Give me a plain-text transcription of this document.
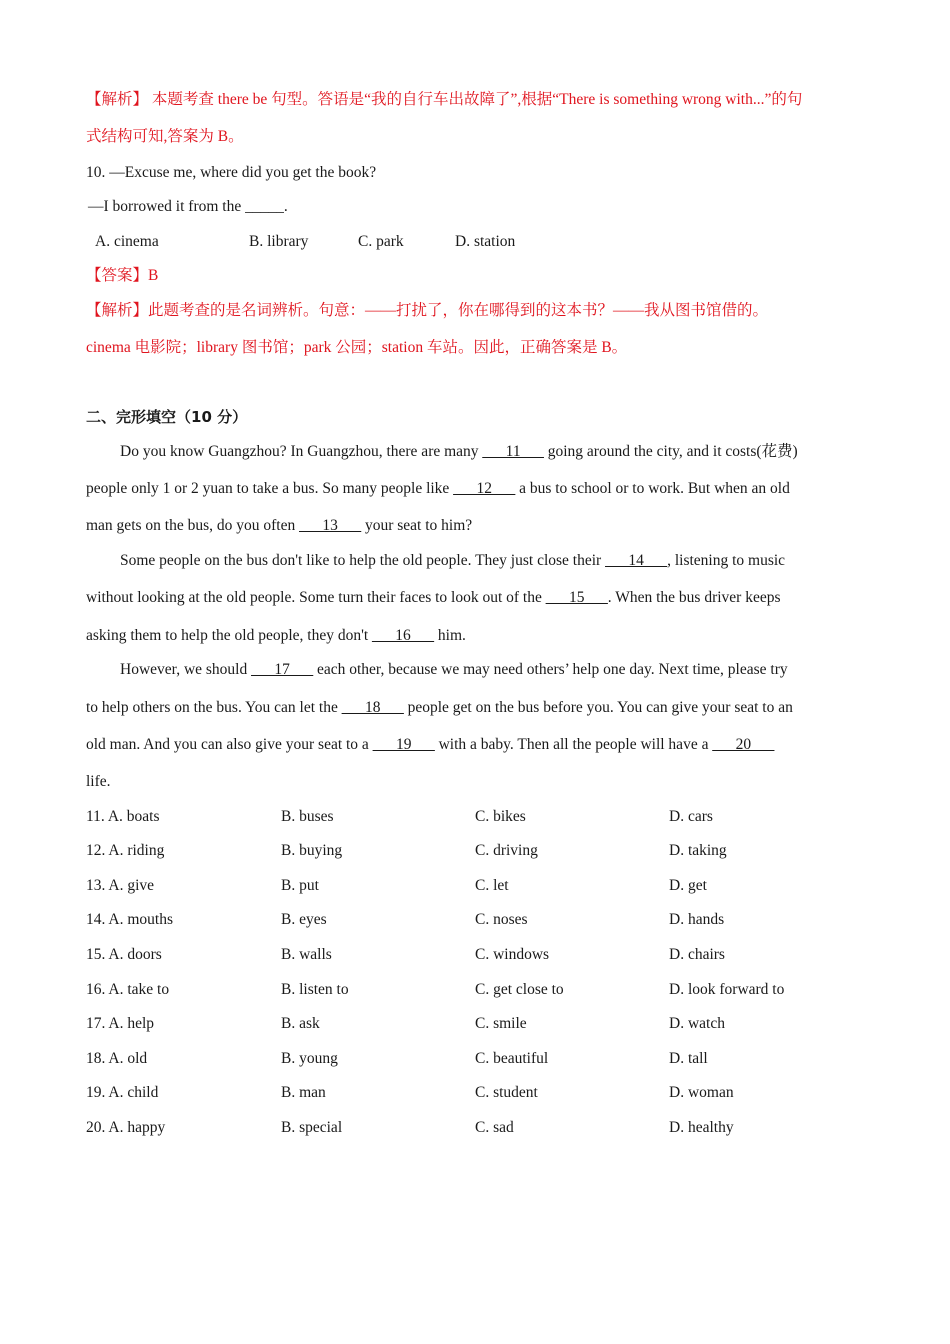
【解析】 本题考查 there be 句型。答语是“我的自行车出故障了”,根据“There is something wrong with...”的句
式结构可知,答案为 B。
10. —Excuse me, where did you get the book?
—I borrowed it from the _____.
A. cinema	B. library	C. park	D. station
【答案】B
【解析】此题考查的是名词辨析。句意：——打扰了，你在哪得到的这本书？——我从图书馆借的。
cinema 电影院；library 图书馆；park 公园；station 车站。因此，正确答案是 B。
二、完形填空（10 分）
Do you know Guangzhou? In Guangzhou, there are many ___11___ going around the city, and it costs(花费)
people only 1 or 2 yuan to take a bus. So many people like ___12___ a bus to school or to work. But when an old
man gets on the bus, do you often ___13___ your seat to him?
Some people on the bus don't like to help the old people. They just close their ___14___, listening to music
without looking at the old people. Some turn their faces to look out of the ___15___. When the bus driver keeps
asking them to help the old people, they don't ___16___ him.
However, we should ___17___ each other, because we may need others’ help one day. Next time, please try
to help others on the bus. You can let the ___18___ people get on the bus before you. You can give your seat to an
old man. And you can also give your seat to a ___19___ with a baby. Then all the people will have a ___20___
life.
11. A. boats	B. buses	C. bikes	D. cars
12. A. riding	B. buying	C. driving	D. taking
13. A. give	B. put	C. let	D. get
14. A. mouths	B. eyes	C. noses	D. hands
15. A. doors	B. walls	C. windows	D. chairs
16. A. take to	B. listen to	C. get close to	D. look forward to
17. A. help	B. ask	C. smile	D. watch
18. A. old	B. young	C. beautiful	D. tall
19. A. child	B. man	C. student	D. woman
20. A. happy	B. special	C. sad	D. healthy
